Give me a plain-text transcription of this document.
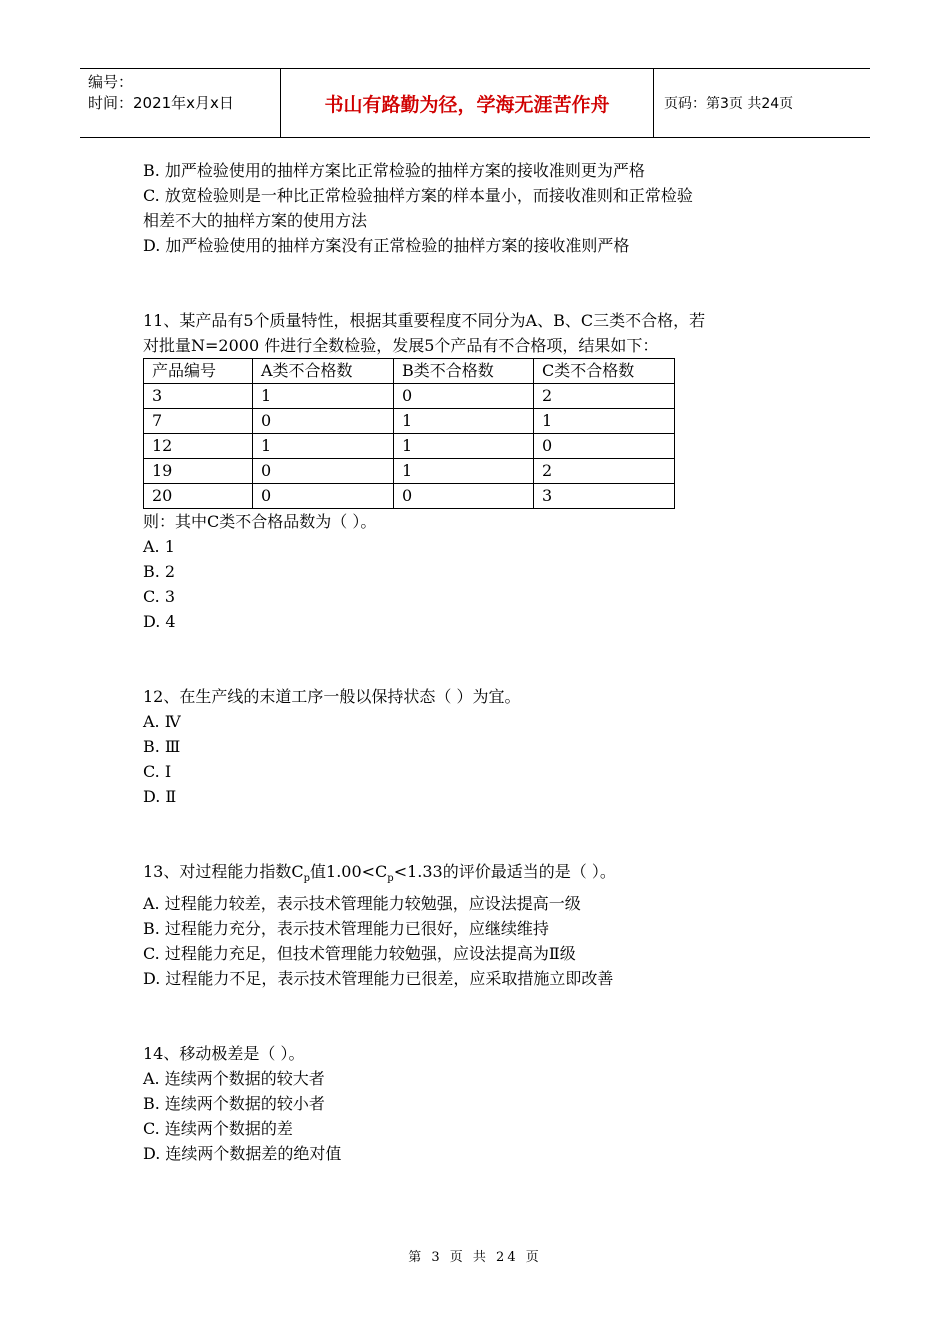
编号：
时间：2021年x月x日	书山有路勤为径，学海无涯苦作舟	页码：第3页 共24页
B. 加严检验使用的抽样方案比正常检验的抽样方案的接收准则更为严格
C. 放宽检验则是一种比正常检验抽样方案的样本量小，而接收准则和正常检验
相差不大的抽样方案的使用方法
D. 加严检验使用的抽样方案没有正常检验的抽样方案的接收准则严格
11、某产品有5个质量特性，根据其重要程度不同分为A、B、C三类不合格，若
对批量N=2000 件进行全数检验，发展5个产品有不合格项，结果如下：
产品编号	A类不合格数	B类不合格数	C类不合格数
3	1	0	2
7	0	1	1
12	1	1	0
19	0	1	2
20	0	0	3
则：其中C类不合格品数为（ ）。
A. 1
B. 2
C. 3
D. 4
12、在生产线的末道工序一般以保持状态（ ）为宜。
A. Ⅳ
B. Ⅲ
C. Ⅰ
D. Ⅱ
13、对过程能力指数$C_p$值$1.00<C_p<1.33$的评价最适当的是（ ）。
A. 过程能力较差，表示技术管理能力较勉强，应设法提高一级
B. 过程能力充分，表示技术管理能力已很好，应继续维持
C. 过程能力充足，但技术管理能力较勉强，应设法提高为Ⅱ级
D. 过程能力不足，表示技术管理能力已很差，应采取措施立即改善
14、移动极差是（ ）。
A. 连续两个数据的较大者
B. 连续两个数据的较小者
C. 连续两个数据的差
D. 连续两个数据差的绝对值
第 3 页 共 24 页
